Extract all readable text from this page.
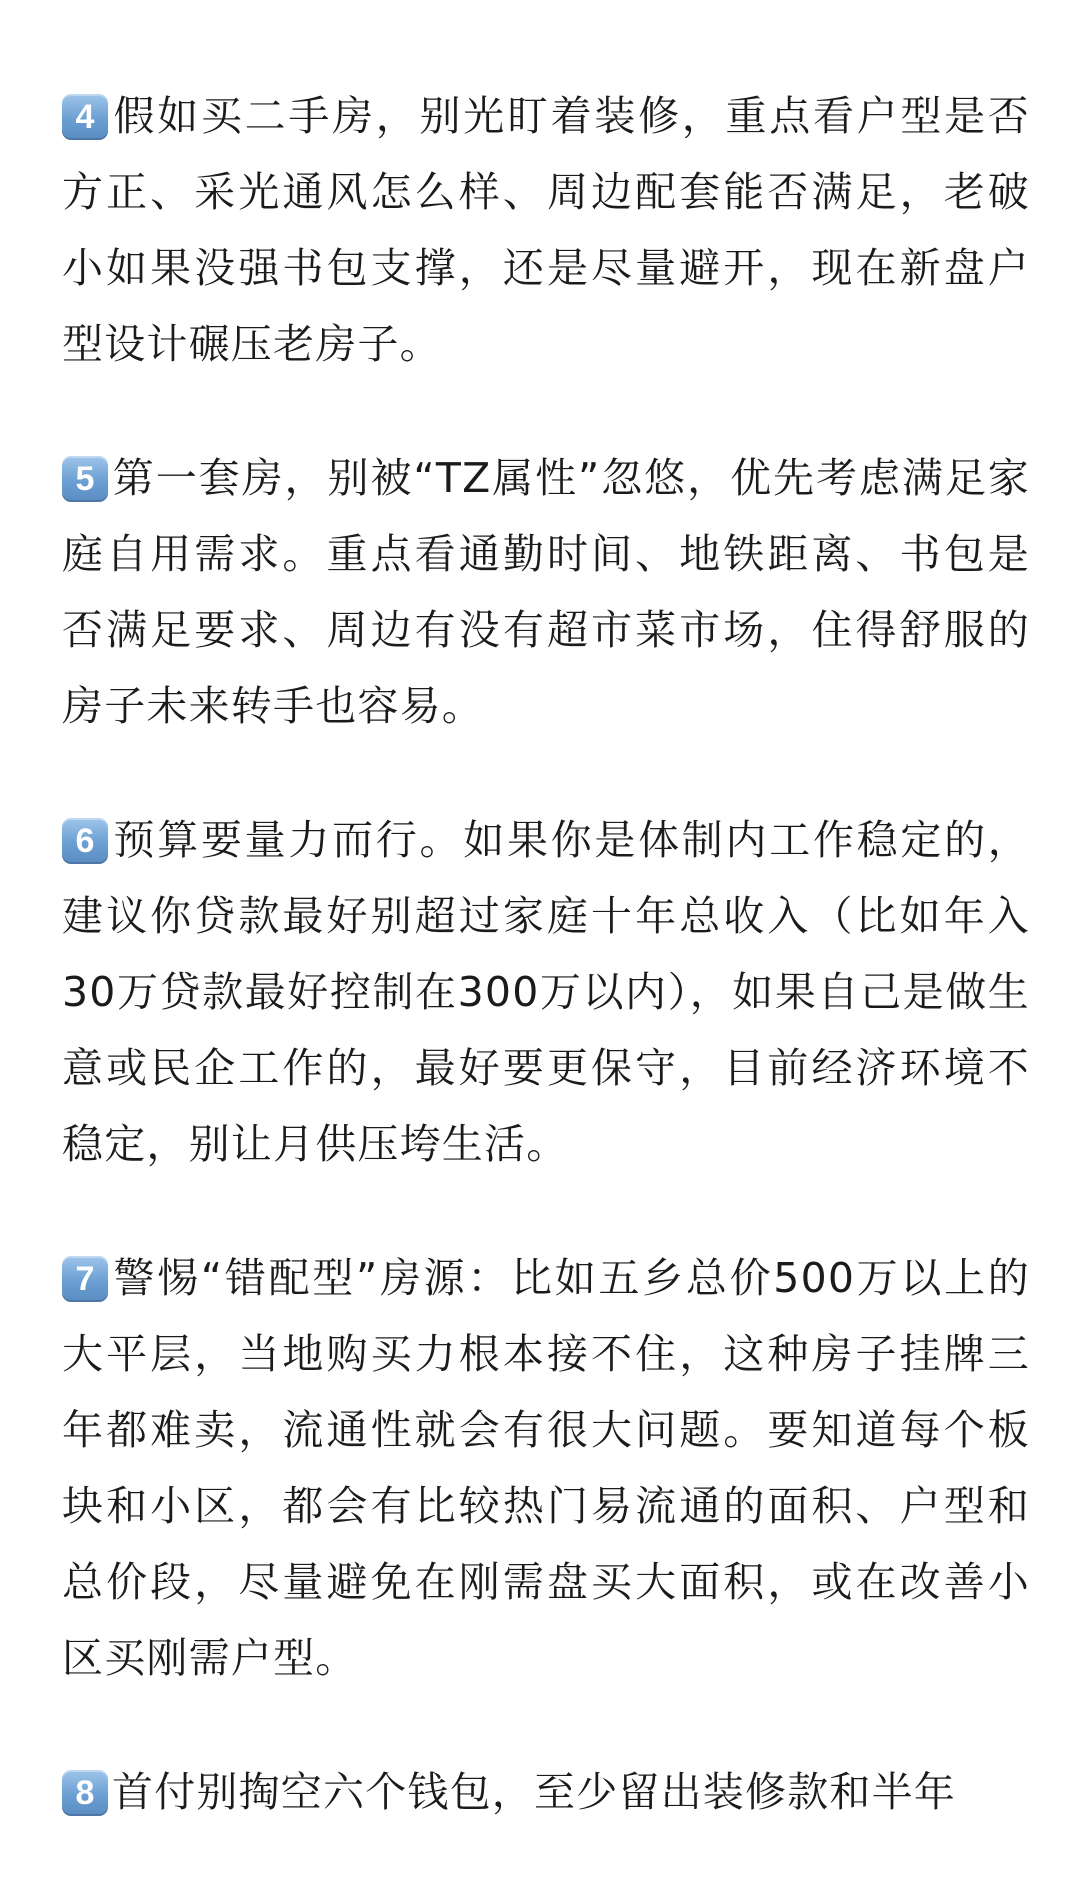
4 假如买二手房，别光盯着装修，重点看户型是否方正、采光通风怎么样、周边配套能否满足，老破小如果没强书包支撑，还是尽量避开，现在新盘户型设计碾压老房子。

5 第一套房，别被“TZ属性”忽悠，优先考虑满足家庭自用需求。重点看通勤时间、地铁距离、书包是否满足要求、周边有没有超市菜市场，住得舒服的房子未来转手也容易。

6 预算要量力而行。如果你是体制内工作稳定的，建议你贷款最好别超过家庭十年总收入（比如年入30万贷款最好控制在300万以内），如果自己是做生意或民企工作的，最好要更保守，目前经济环境不稳定，别让月供压垮生活。

7 警惕“错配型”房源：比如五乡总价500万以上的大平层，当地购买力根本接不住，这种房子挂牌三年都难卖，流通性就会有很大问题。要知道每个板块和小区，都会有比较热门易流通的面积、户型和总价段，尽量避免在刚需盘买大面积，或在改善小区买刚需户型。

8 首付别掏空六个钱包，至少留出装修款和半年
